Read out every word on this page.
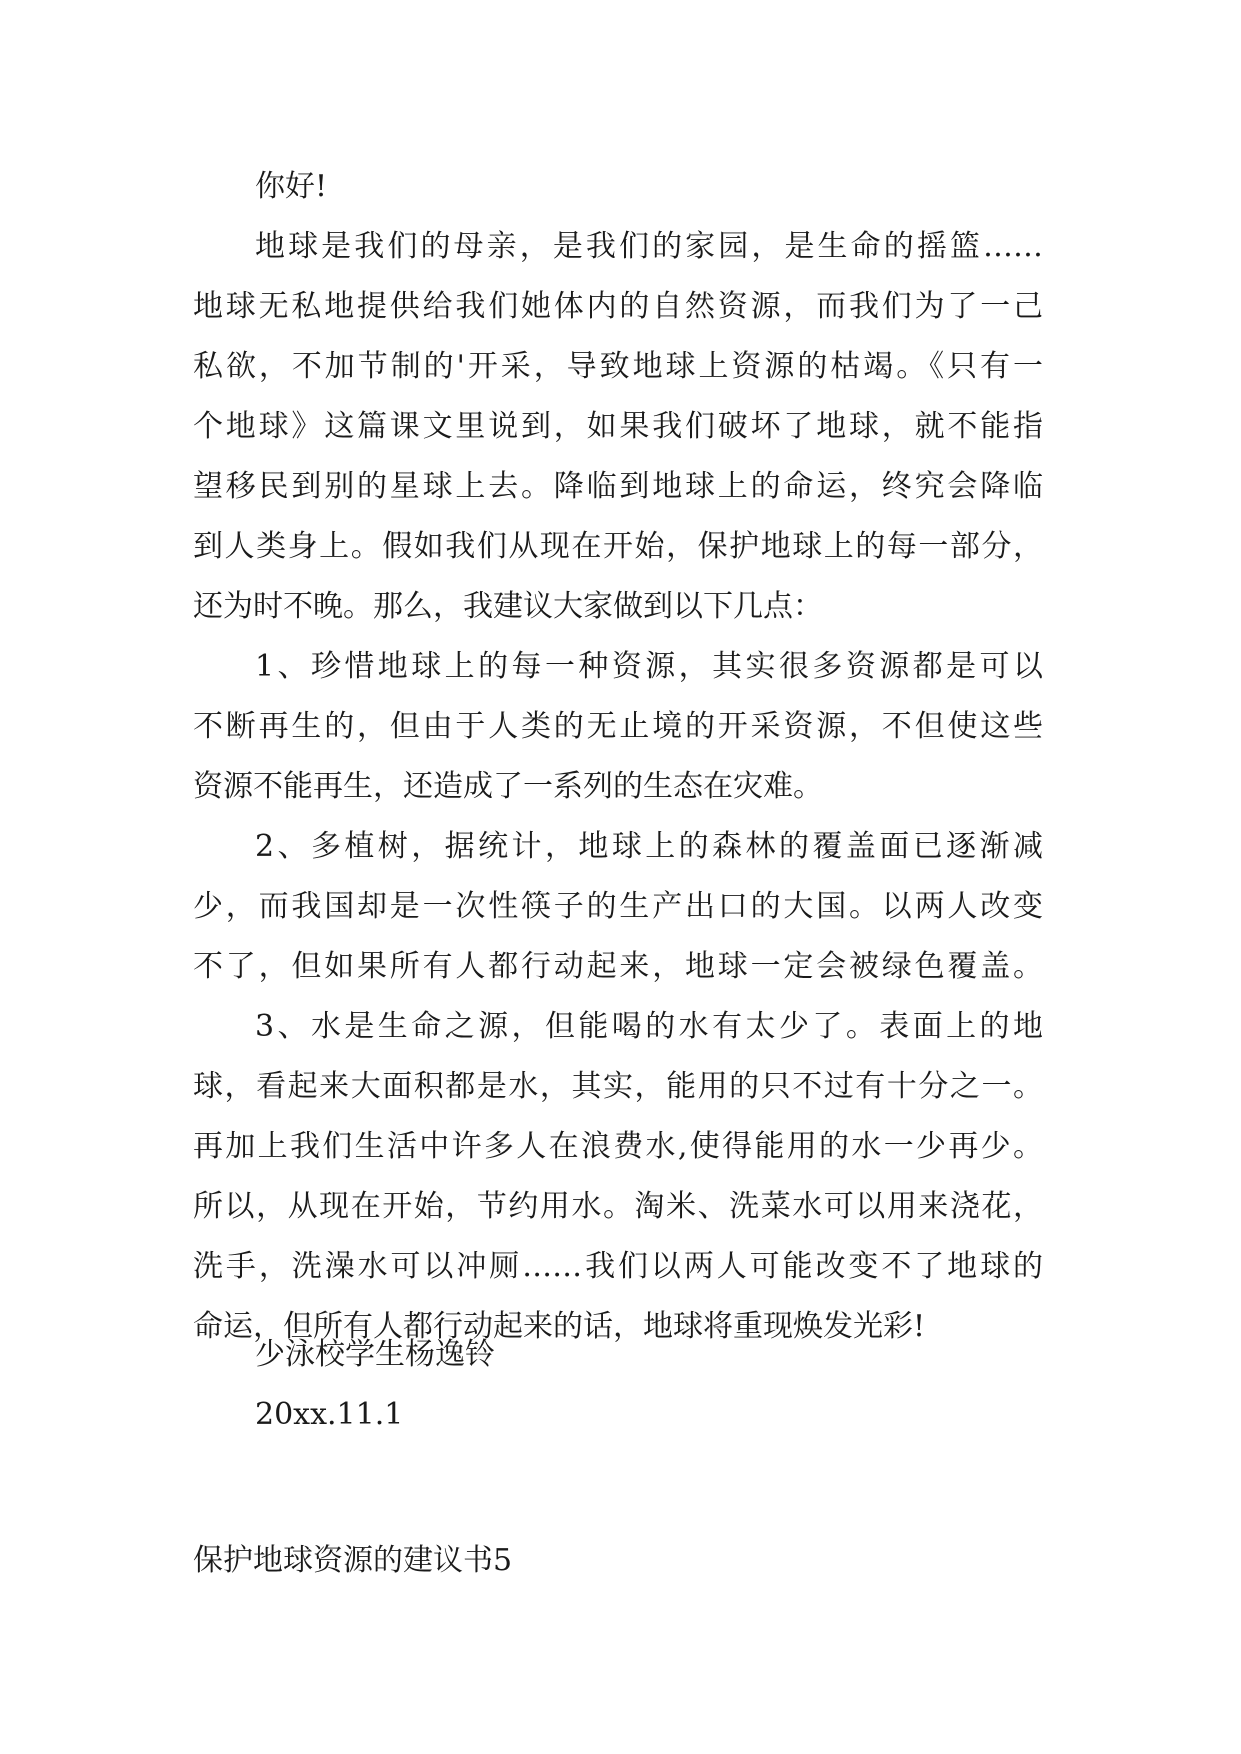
你好!
地球是我们的母亲，是我们的家园，是生命的摇篮……
地球无私地提供给我们她体内的自然资源，而我们为了一己
私欲，不加节制的'开采，导致地球上资源的枯竭。《只有一
个地球》这篇课文里说到，如果我们破坏了地球，就不能指
望移民到别的星球上去。降临到地球上的命运，终究会降临
到人类身上。假如我们从现在开始，保护地球上的每一部分，
还为时不晚。那么，我建议大家做到以下几点：
1、珍惜地球上的每一种资源，其实很多资源都是可以
不断再生的，但由于人类的无止境的开采资源，不但使这些
资源不能再生，还造成了一系列的生态在灾难。
2、多植树，据统计，地球上的森林的覆盖面已逐渐减
少，而我国却是一次性筷子的生产出口的大国。以两人改变
不了，但如果所有人都行动起来，地球一定会被绿色覆盖。
3、水是生命之源，但能喝的水有太少了。表面上的地
球，看起来大面积都是水，其实，能用的只不过有十分之一。
再加上我们生活中许多人在浪费水,使得能用的水一少再少。
所以，从现在开始，节约用水。淘米、洗菜水可以用来浇花，
洗手，洗澡水可以冲厕……我们以两人可能改变不了地球的
命运，但所有人都行动起来的话，地球将重现焕发光彩!
少泳校学生杨逸铃
20xx.11.1
保护地球资源的建议书5
